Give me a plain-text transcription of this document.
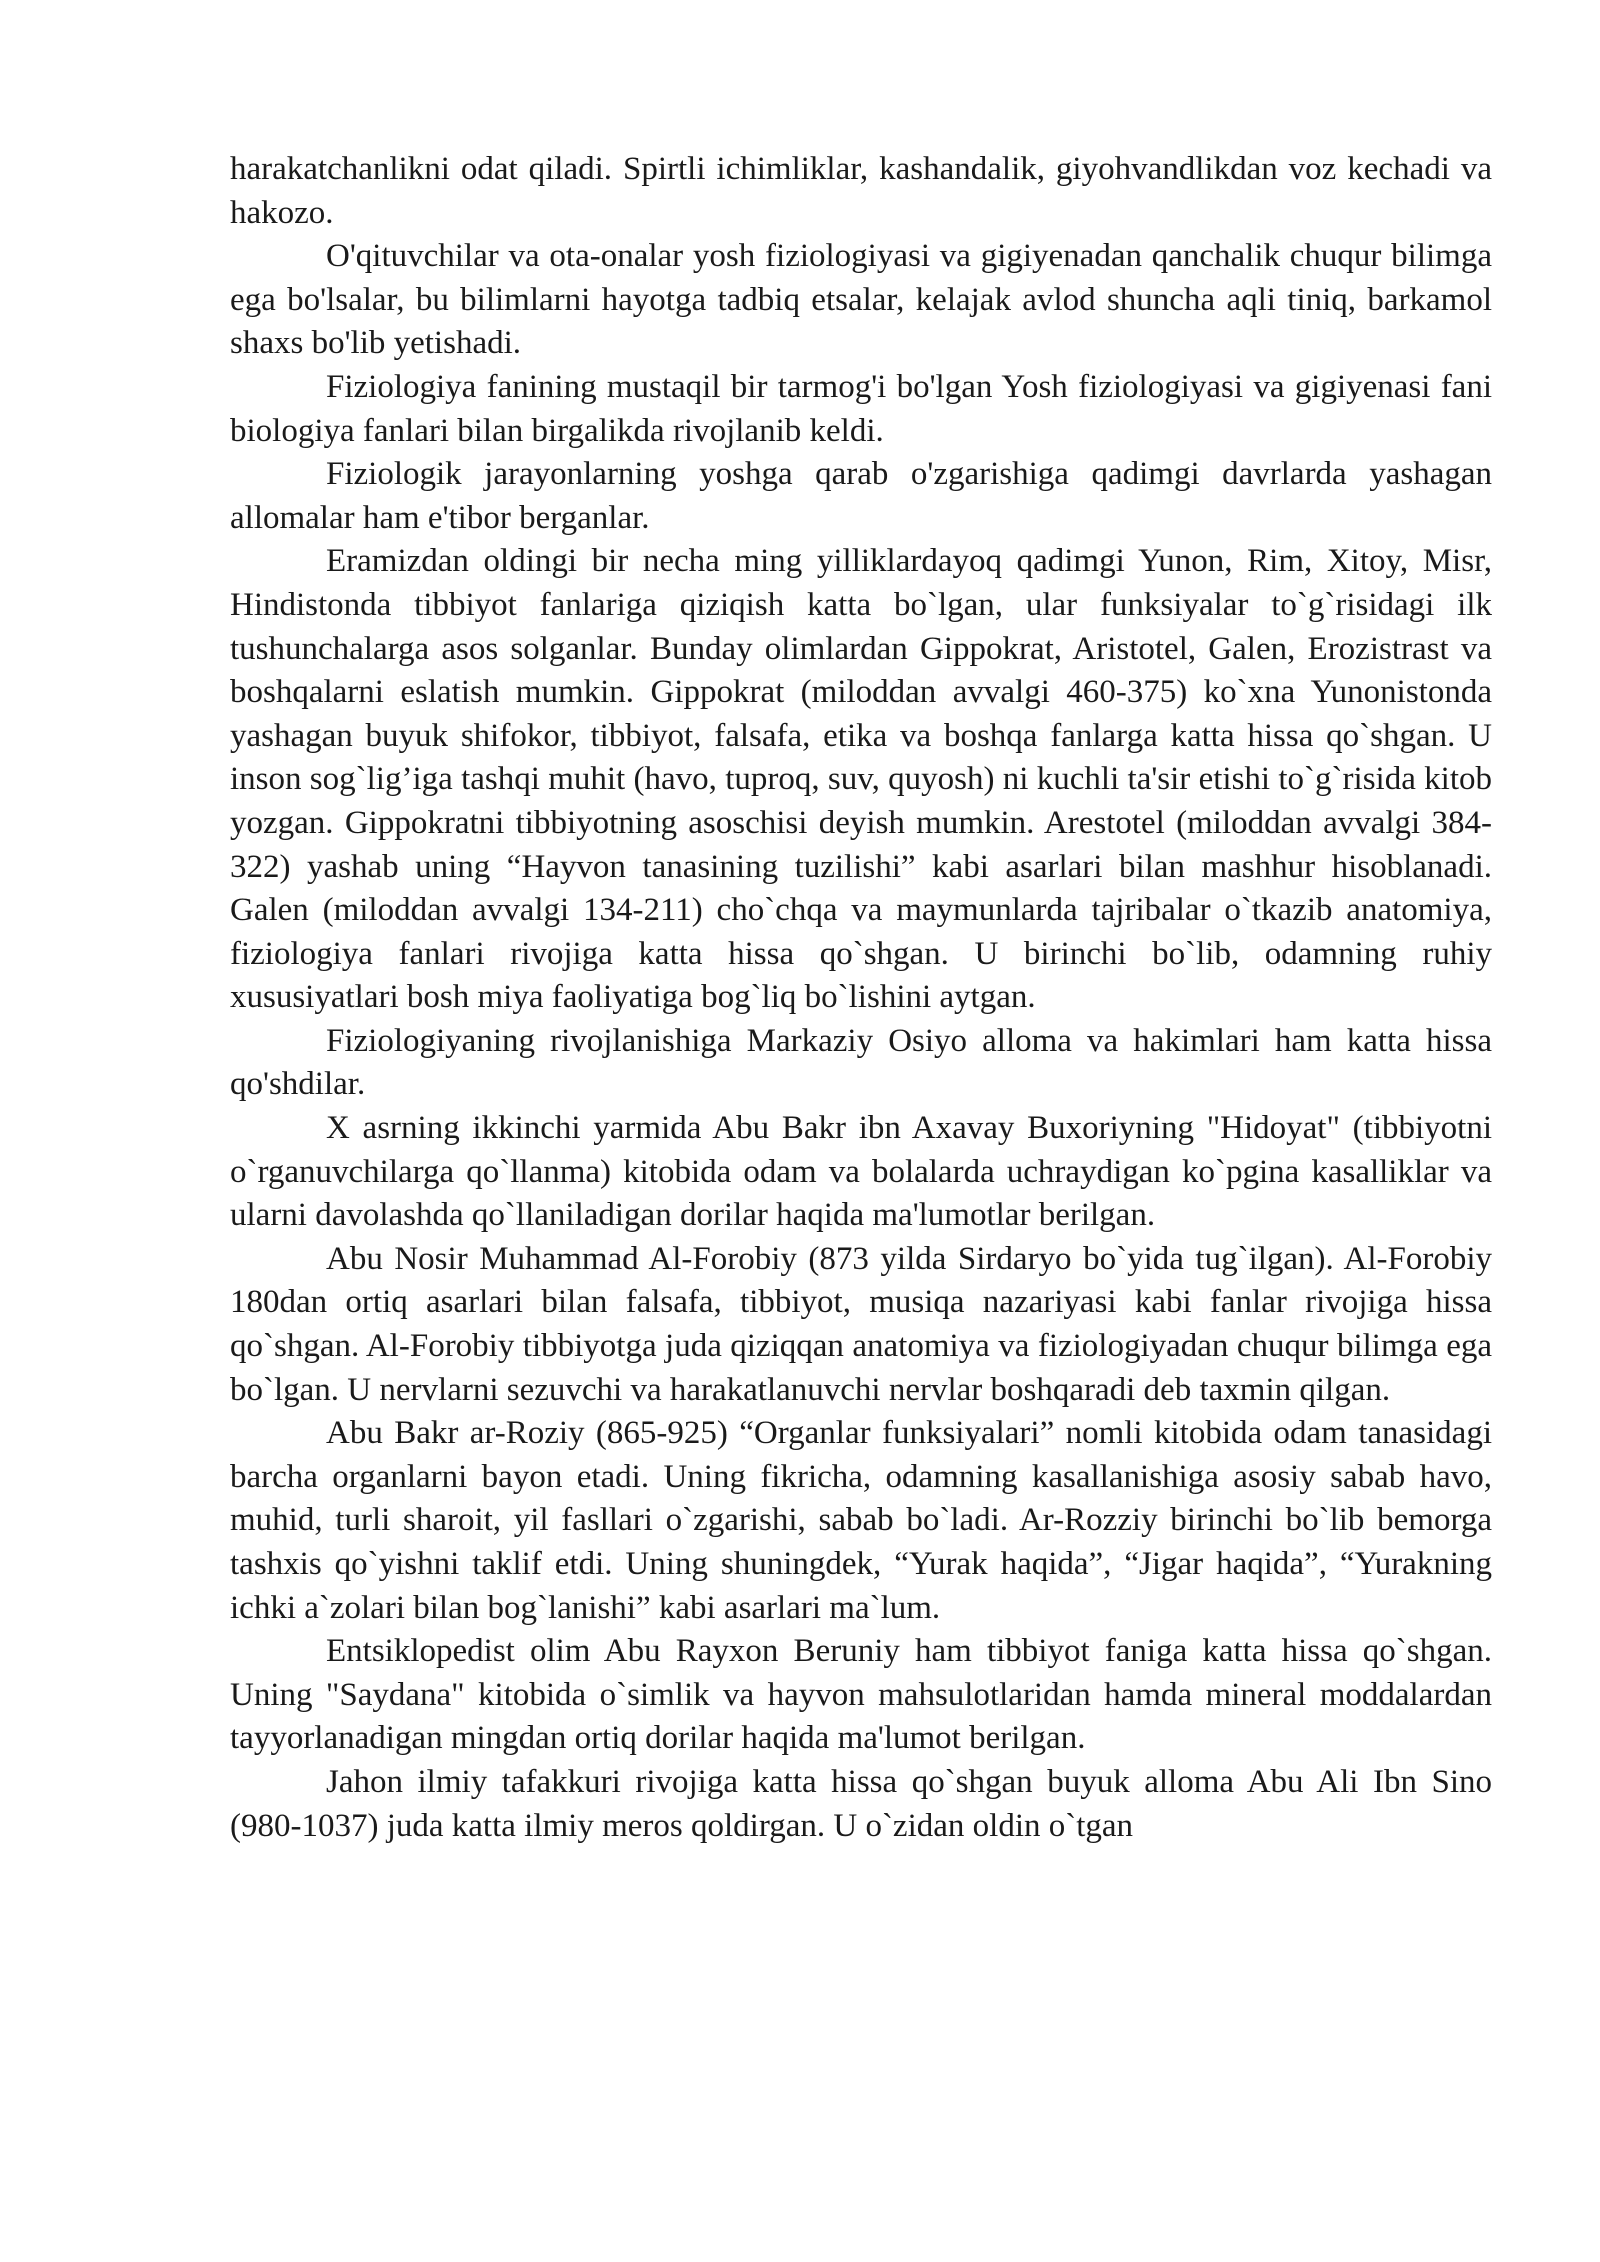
harakatchanlikni odat qiladi. Spirtli ichimliklar, kashandalik, giyohvandlikdan voz kechadi va hakozo.

O'qituvchilar va ota-onalar yosh fiziologiyasi va gigiyenadan qanchalik chuqur bilimga ega bo'lsalar, bu bilimlarni hayotga tadbiq etsalar, kelajak avlod shuncha aqli tiniq, barkamol shaxs bo'lib yetishadi.

Fiziologiya fanining mustaqil bir tarmog'i bo'lgan Yosh fiziologiyasi va gigiyenasi fani biologiya fanlari bilan birgalikda rivojlanib keldi.

Fiziologik jarayonlarning yoshga qarab o'zgarishiga qadimgi davrlarda yashagan allomalar ham e'tibor berganlar.

Eramizdan oldingi bir necha ming yilliklardayoq qadimgi Yunon, Rim, Xitoy, Misr, Hindistonda tibbiyot fanlariga qiziqish katta bo`lgan, ular funksiyalar to`g`risidagi ilk tushunchalarga asos solganlar. Bunday olimlardan Gippokrat, Aristotel, Galen, Erozistrast va boshqalarni eslatish mumkin. Gippokrat (miloddan avvalgi 460-375) ko`xna Yunonistonda yashagan buyuk shifokor, tibbiyot, falsafa, etika va boshqa fanlarga katta hissa qo`shgan. U inson sog`lig’iga tashqi muhit (havo, tuproq, suv, quyosh) ni kuchli ta'sir etishi to`g`risida kitob yozgan. Gippokratni tibbiyotning asoschisi deyish mumkin. Arestotel (miloddan avvalgi 384-322) yashab uning “Hayvon tanasining tuzilishi” kabi asarlari bilan mashhur hisoblanadi. Galen (miloddan avvalgi 134-211) cho`chqa va maymunlarda tajribalar o`tkazib anatomiya, fiziologiya fanlari rivojiga katta hissa qo`shgan. U birinchi bo`lib, odamning ruhiy xususiyatlari bosh miya faoliyatiga bog`liq bo`lishini aytgan.

Fiziologiyaning rivojlanishiga Markaziy Osiyo alloma va hakimlari ham katta hissa qo'shdilar.

X asrning ikkinchi yarmida Abu Bakr ibn Axavay Buxoriyning "Hidoyat" (tibbiyotni o`rganuvchilarga qo`llanma) kitobida odam va bolalarda uchraydigan ko`pgina kasalliklar va ularni davolashda qo`llaniladigan dorilar haqida ma'lumotlar berilgan.

Abu Nosir Muhammad Al-Forobiy (873 yilda Sirdaryo bo`yida tug`ilgan). Al-Forobiy 180dan ortiq asarlari bilan falsafa, tibbiyot, musiqa nazariyasi kabi fanlar rivojiga hissa qo`shgan. Al-Forobiy tibbiyotga juda qiziqqan anatomiya va fiziologiyadan chuqur bilimga ega bo`lgan. U nervlarni sezuvchi va harakatlanuvchi nervlar boshqaradi deb taxmin qilgan.

Abu Bakr ar-Roziy (865-925) “Organlar funksiyalari” nomli kitobida odam tanasidagi barcha organlarni bayon etadi. Uning fikricha, odamning kasallanishiga asosiy sabab havo, muhid, turli sharoit, yil fasllari o`zgarishi, sabab bo`ladi. Ar-Rozziy birinchi bo`lib bemorga tashxis qo`yishni taklif etdi. Uning shuningdek, “Yurak haqida”, “Jigar haqida”, “Yurakning ichki a`zolari bilan bog`lanishi” kabi asarlari ma`lum.

Entsiklopedist olim Abu Rayxon Beruniy ham tibbiyot faniga katta hissa qo`shgan. Uning "Saydana" kitobida o`simlik va hayvon mahsulotlaridan hamda mineral moddalardan tayyorlanadigan mingdan ortiq dorilar haqida ma'lumot berilgan.

Jahon ilmiy tafakkuri rivojiga katta hissa qo`shgan buyuk alloma Abu Ali Ibn Sino (980-1037) juda katta ilmiy meros qoldirgan. U o`zidan oldin o`tgan
